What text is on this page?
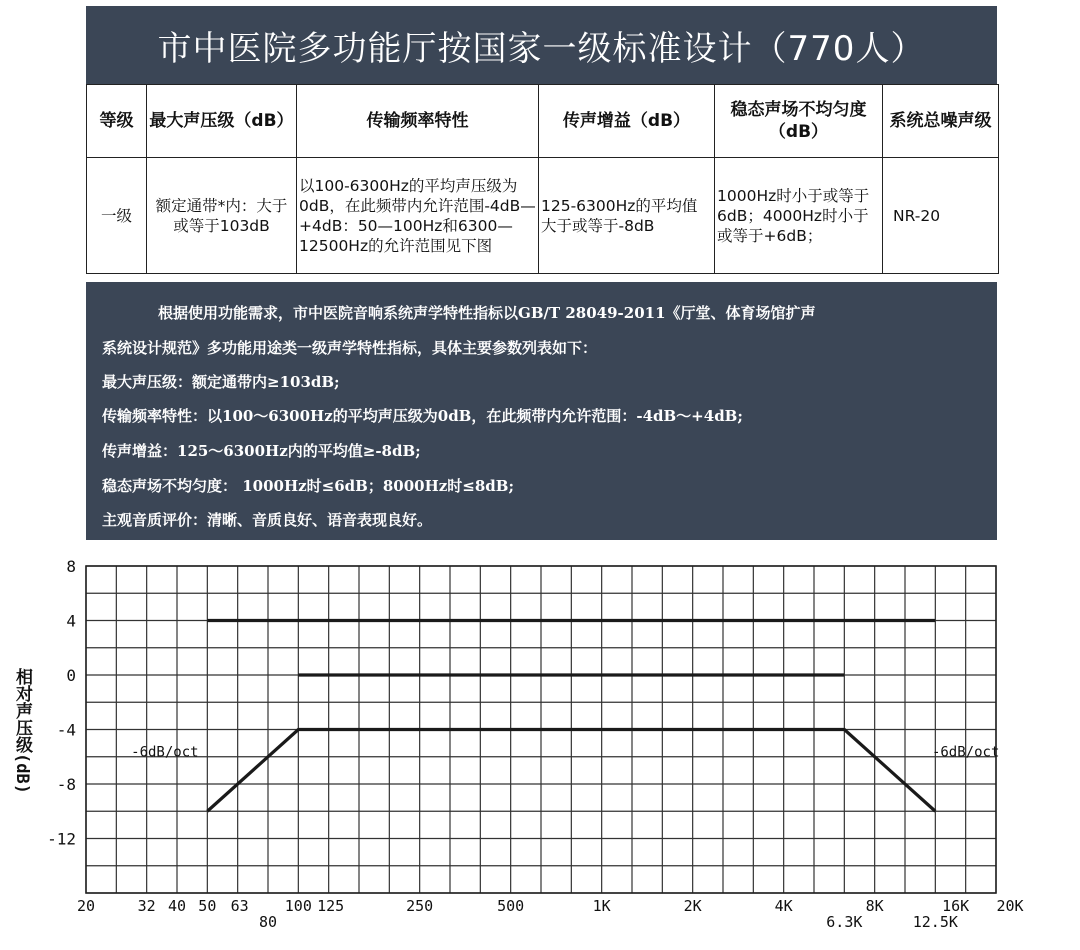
市中医院多功能厅按国家一级标准设计（770人）
等级	最大声压级（dB）	传输频率特性	传声增益（dB）	稳态声场不均匀度（dB）	系统总噪声级
一级	额定通带*内：大于或等于103dB	以100-6300Hz的平均声压级为0dB，在此频带内允许范围-4dB—+4dB：50—100Hz和6300—12500Hz的允许范围见下图	125-6300Hz的平均值大于或等于-8dB	1000Hz时小于或等于6dB；4000Hz时小于或等于+6dB；	NR-20
根据使用功能需求，市中医院音响系统声学特性指标以GB/T 28049-2011《厅堂、体育场馆扩声
系统设计规范》多功能用途类一级声学特性指标，具体主要参数列表如下：
最大声压级：额定通带内≥103dB;
传输频率特性：以100～6300Hz的平均声压级为0dB，在此频带内允许范围：-4dB～+4dB;
传声增益：125～6300Hz内的平均值≥-8dB;
稳态声场不均匀度： 1000Hz时≤6dB；8000Hz时≤8dB;
主观音质评价：清晰、音质良好、语音表现良好。
8
4
0
-4
-8
-12
20	32 40 50 63
80
100 125	250	500	1K	2K	4K
6.3K
8K
12.5K
16K 20K
相对声压级(dB)	-6dB/oct	-6dB/oct
